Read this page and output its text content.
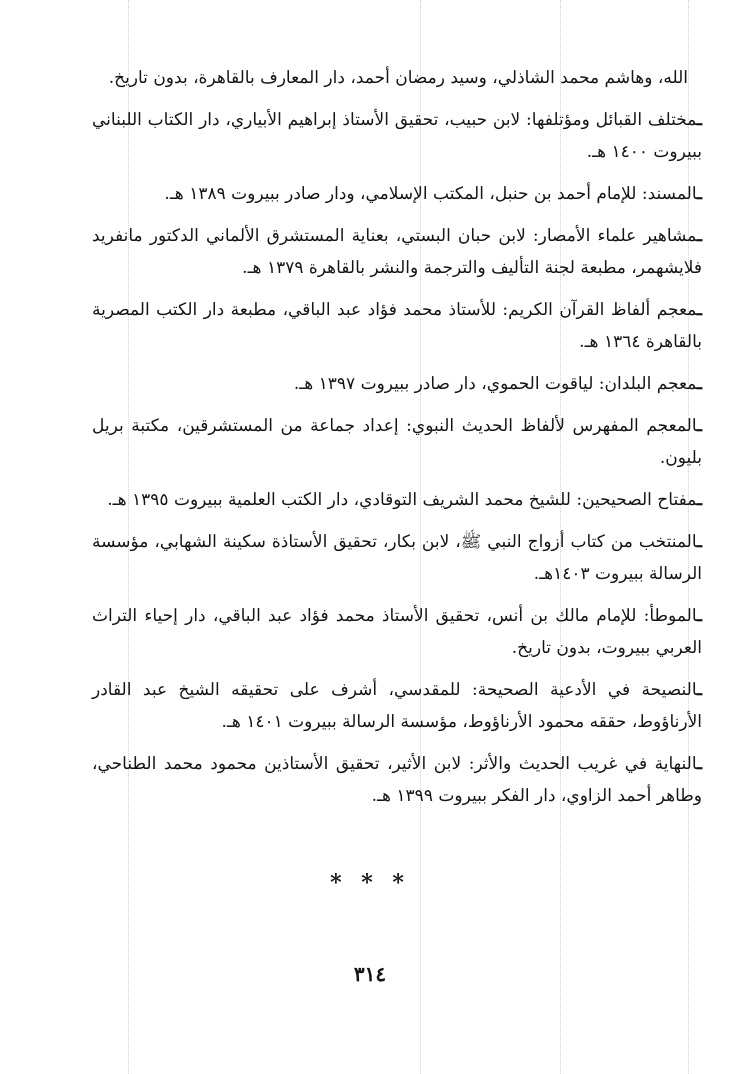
الله، وهاشم محمد الشاذلي، وسيد رمضان أحمد، دار المعارف بالقاهرة، بدون تاريخ.

ـمختلف القبائل ومؤتلفها: لابن حبيب، تحقيق الأستاذ إبراهيم الأبياري، دار الكتاب اللبناني ببيروت ١٤٠٠ هـ.

ـالمسند: للإمام أحمد بن حنبل، المكتب الإسلامي، ودار صادر ببيروت ١٣٨٩ هـ.

ـمشاهير علماء الأمصار: لابن حبان البستي، بعناية المستشرق الألماني الدكتور مانفريد فلايشهمر، مطبعة لجنة التأليف والترجمة والنشر بالقاهرة ١٣٧٩ هـ.

ـمعجم ألفاظ القرآن الكريم: للأستاذ محمد فؤاد عبد الباقي، مطبعة دار الكتب المصرية بالقاهرة ١٣٦٤ هـ.

ـمعجم البلدان: لياقوت الحموي، دار صادر ببيروت ١٣٩٧ هـ.

ـالمعجم المفهرس لألفاظ الحديث النبوي: إعداد جماعة من المستشرقين، مكتبة بريل بليون.

ـمفتاح الصحيحين: للشيخ محمد الشريف التوقادي، دار الكتب العلمية ببيروت ١٣٩٥ هـ.

ـالمنتخب من كتاب أزواج النبي ﷺ، لابن بكار، تحقيق الأستاذة سكينة الشهابي، مؤسسة الرسالة ببيروت ١٤٠٣هـ.

ـالموطأ: للإمام مالك بن أنس، تحقيق الأستاذ محمد فؤاد عبد الباقي، دار إحياء التراث العربي ببيروت، بدون تاريخ.

ـالنصيحة في الأدعية الصحيحة: للمقدسي، أشرف على تحقيقه الشيخ عبد القادر الأرناؤوط، حققه محمود الأرناؤوط، مؤسسة الرسالة ببيروت ١٤٠١ هـ.

ـالنهاية في غريب الحديث والأثر: لابن الأثير، تحقيق الأستاذين محمود محمد الطناحي، وطاهر أحمد الزاوي، دار الفكر ببيروت ١٣٩٩ هـ.

* * *
٣١٤
